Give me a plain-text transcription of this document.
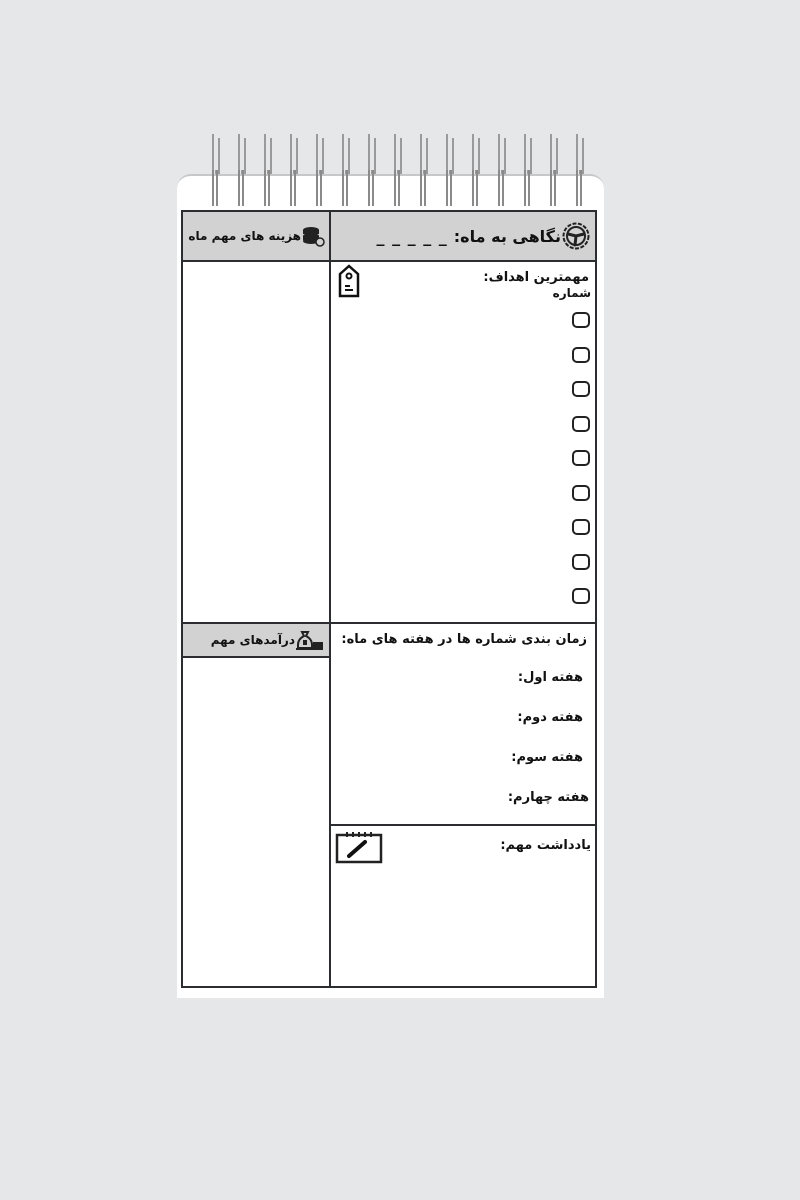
هزینه های مهم ماه	نگاهی به ماه:
_ _ _ _ _
درآمدهای مهم
مهمترین اهداف:
شماره
زمان بندی شماره ها در هفته های ماه:
هفته اول:
هفته دوم:
هفته سوم:
هفته چهارم:
یادداشت مهم:
